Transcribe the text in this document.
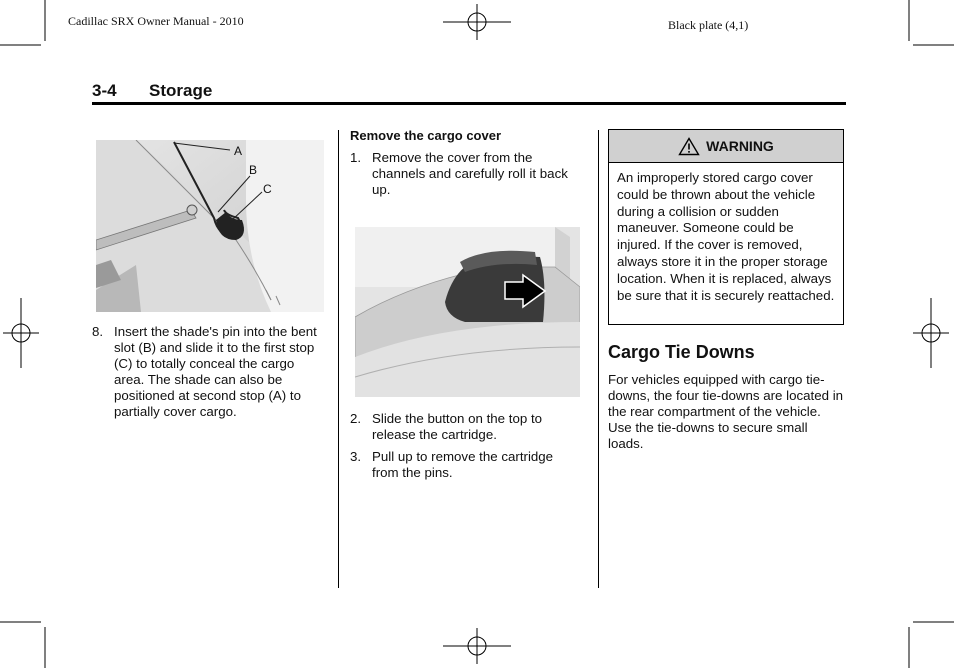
Cadillac SRX Owner Manual - 2010	Black plate (4,1)
3-4 Storage
A
B
C
8. Insert the shade's pin into the bent slot (B) and slide it to the first stop (C) to totally conceal the cargo area. The shade can also be positioned at second stop (A) to partially cover cargo.
Remove the cargo cover
1. Remove the cover from the channels and carefully roll it back up.
2. Slide the button on the top to release the cartridge.
3. Pull up to remove the cartridge from the pins.
WARNING
An improperly stored cargo cover could be thrown about the vehicle during a collision or sudden maneuver. Someone could be injured. If the cover is removed, always store it in the proper storage location. When it is replaced, always be sure that it is securely reattached.
Cargo Tie Downs
For vehicles equipped with cargo tie-downs, the four tie-downs are located in the rear compartment of the vehicle. Use the tie-downs to secure small loads.
